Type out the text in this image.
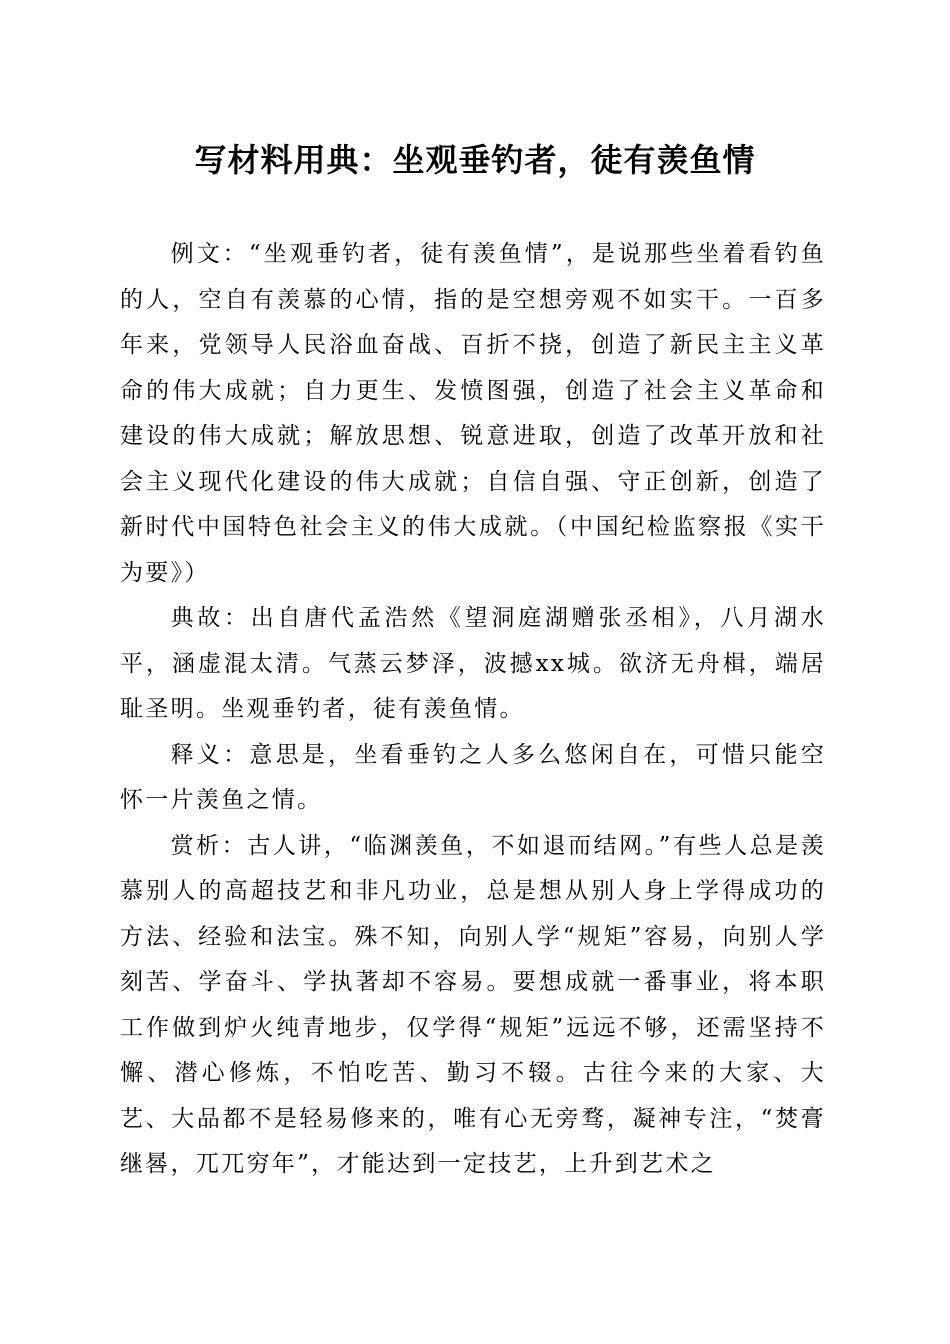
写材料用典：坐观垂钓者，徒有羡鱼情

例文：“坐观垂钓者，徒有羡鱼情”，是说那些坐着看钓鱼的人，空自有羡慕的心情，指的是空想旁观不如实干。一百多年来，党领导人民浴血奋战、百折不挠，创造了新民主主义革命的伟大成就；自力更生、发愤图强，创造了社会主义革命和建设的伟大成就；解放思想、锐意进取，创造了改革开放和社会主义现代化建设的伟大成就；自信自强、守正创新，创造了新时代中国特色社会主义的伟大成就。（中国纪检监察报《实干为要》）

典故：出自唐代孟浩然《望洞庭湖赠张丞相》，八月湖水平，涵虚混太清。气蒸云梦泽，波撼xx城。欲济无舟楫，端居耻圣明。坐观垂钓者，徒有羡鱼情。

释义：意思是，坐看垂钓之人多么悠闲自在，可惜只能空怀一片羡鱼之情。

赏析：古人讲，“临渊羡鱼，不如退而结网。”有些人总是羡慕别人的高超技艺和非凡功业，总是想从别人身上学得成功的方法、经验和法宝。殊不知，向别人学“规矩”容易，向别人学刻苦、学奋斗、学执著却不容易。要想成就一番事业，将本职工作做到炉火纯青地步，仅学得“规矩”远远不够，还需坚持不懈、潜心修炼，不怕吃苦、勤习不辍。古往今来的大家、大艺、大品都不是轻易修来的，唯有心无旁骛，凝神专注，“焚膏继晷，兀兀穷年”，才能达到一定技艺，上升到艺术之
